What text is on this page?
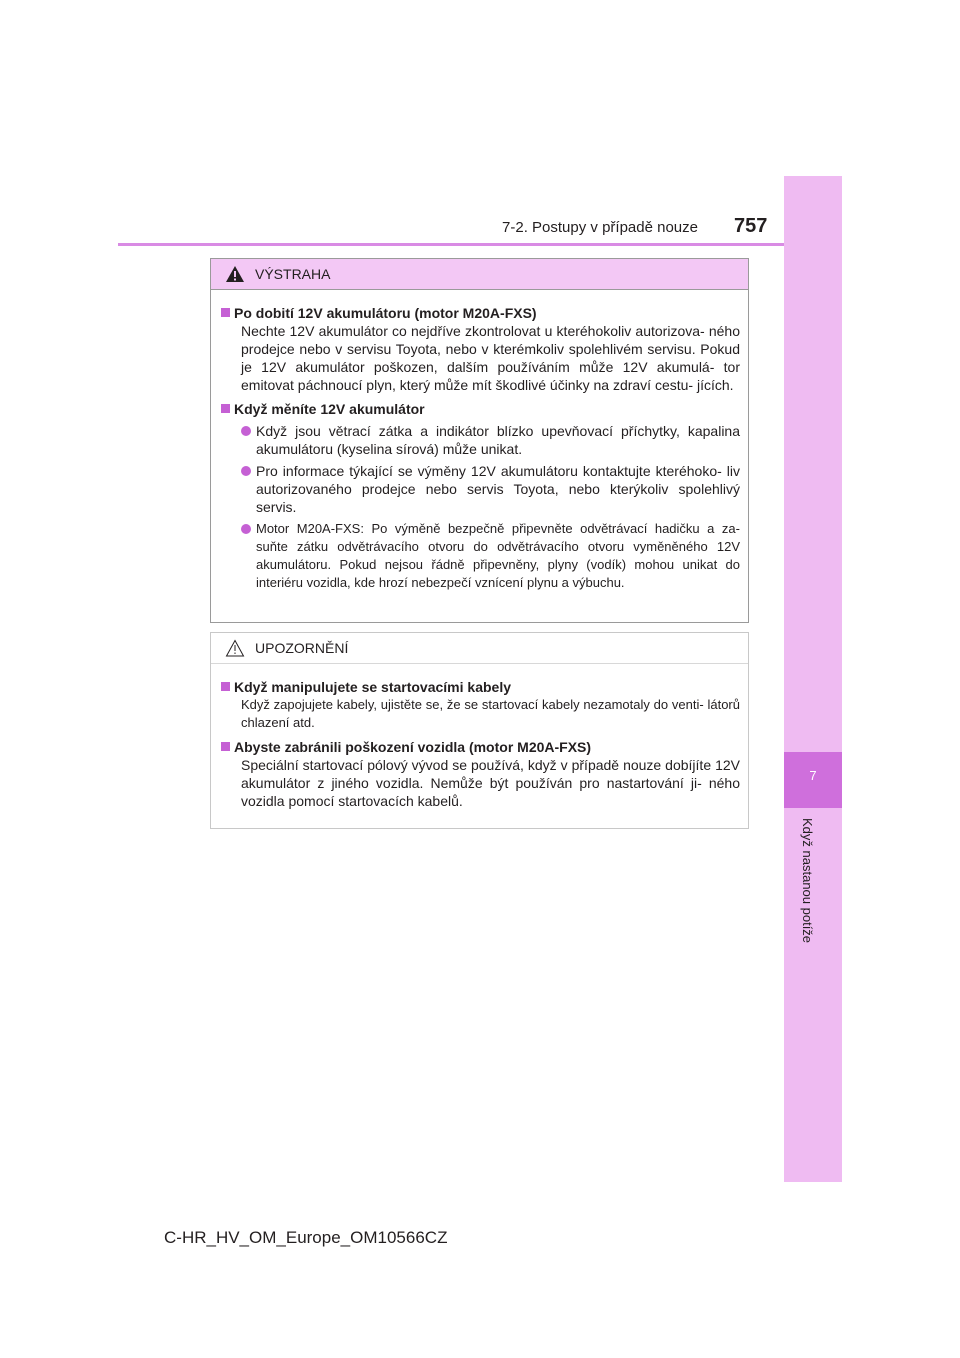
7
Když nastanou potíže
7-2. Postupy v případě nouze 757
VÝSTRAHA
Po dobití 12V akumulátoru (motor M20A-FXS)
Nechte 12V akumulátor co nejdříve zkontrolovat u kteréhokoliv autorizova- ného prodejce nebo v servisu Toyota, nebo v kterémkoliv spolehlivém servisu. Pokud je 12V akumulátor poškozen, dalším používáním může 12V akumulá- tor emitovat páchnoucí plyn, který může mít škodlivé účinky na zdraví cestu- jících.
Když měníte 12V akumulátor
Když jsou větrací zátka a indikátor blízko upevňovací příchytky, kapalina akumulátoru (kyselina sírová) může unikat.
Pro informace týkající se výměny 12V akumulátoru kontaktujte kteréhoko- liv autorizovaného prodejce nebo servis Toyota, nebo kterýkoliv spolehlivý servis.
Motor M20A-FXS: Po výměně bezpečně připevněte odvětrávací hadičku a za- suňte zátku odvětrávacího otvoru do odvětrávacího otvoru vyměněného 12V akumulátoru. Pokud nejsou řádně připevněny, plyny (vodík) mohou unikat do interiéru vozidla, kde hrozí nebezpečí vznícení plynu a výbuchu.
UPOZORNĚNÍ
Když manipulujete se startovacími kabely
Když zapojujete kabely, ujistěte se, že se startovací kabely nezamotaly do venti- látorů chlazení atd.
Abyste zabránili poškození vozidla (motor M20A-FXS)
Speciální startovací pólový vývod se používá, když v případě nouze dobíjíte 12V akumulátor z jiného vozidla. Nemůže být používán pro nastartování ji- ného vozidla pomocí startovacích kabelů.
C-HR_HV_OM_Europe_OM10566CZ
